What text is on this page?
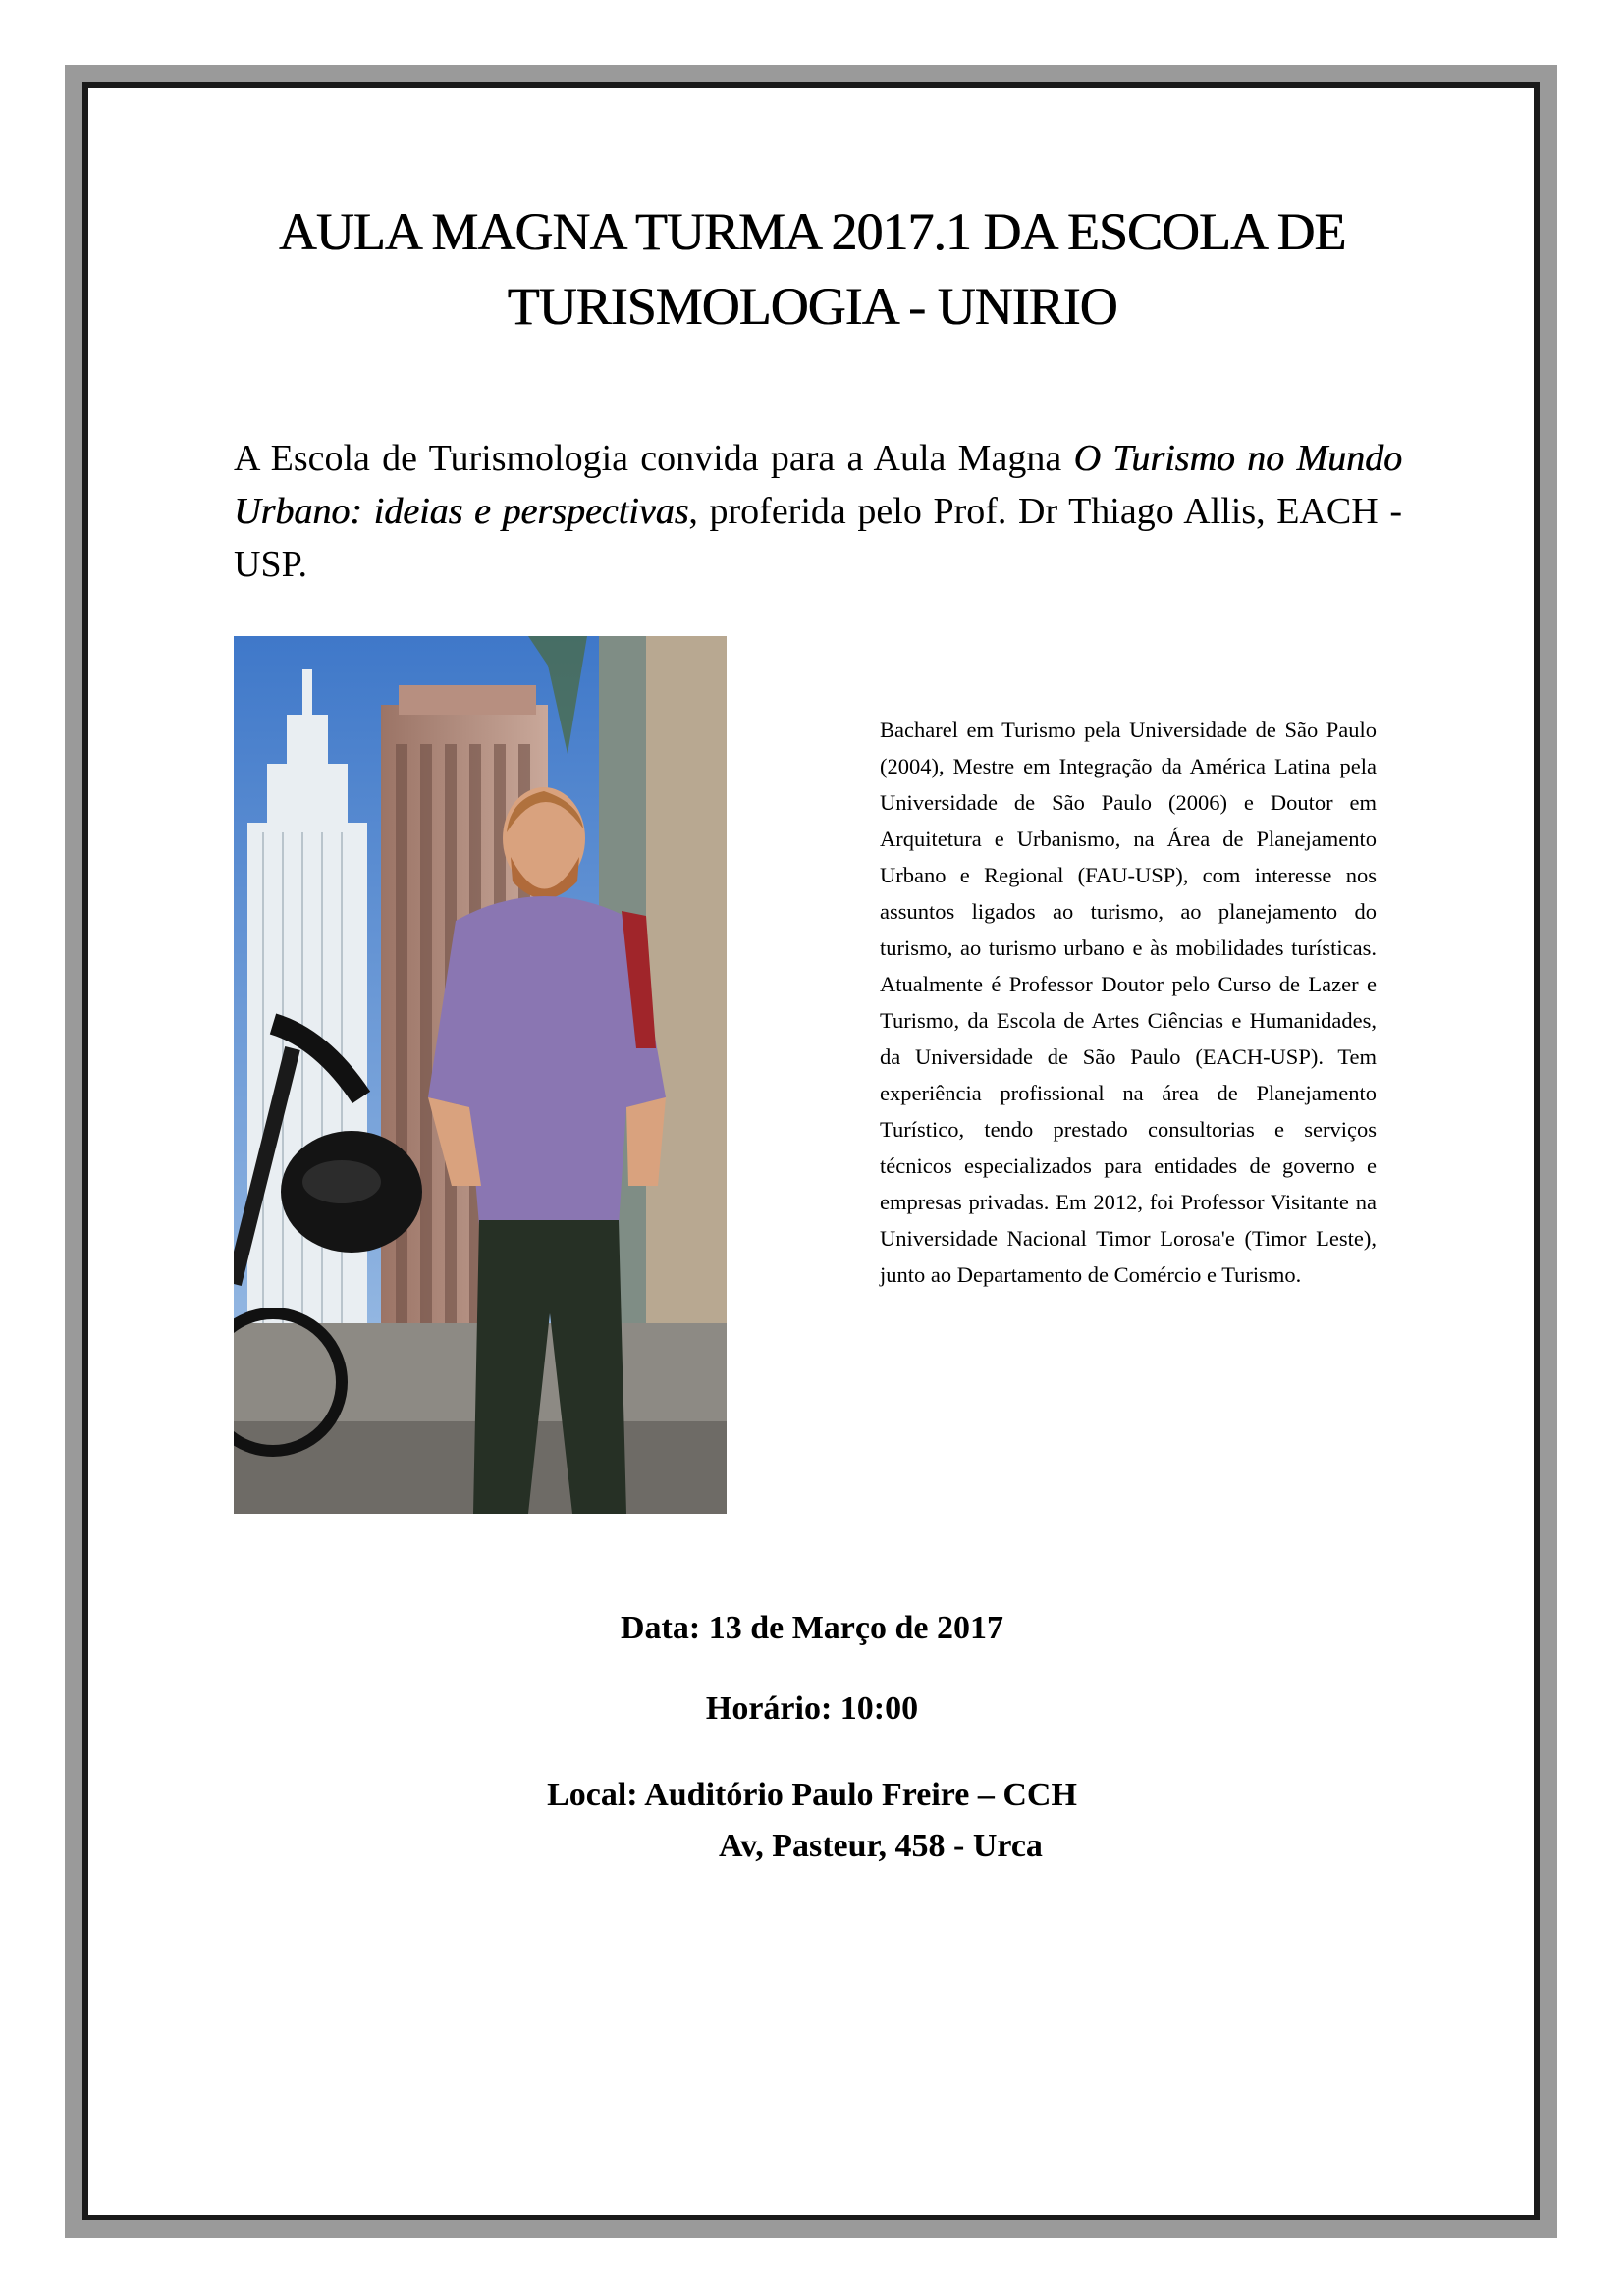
AULA MAGNA TURMA 2017.1 DA ESCOLA DE
TURISMOLOGIA - UNIRIO
A Escola de Turismologia convida para a Aula Magna O Turismo no Mundo Urbano: ideias e perspectivas, proferida pelo Prof. Dr Thiago Allis, EACH - USP.
Bacharel em Turismo pela Universidade de São Paulo (2004), Mestre em Integração da América Latina pela Universidade de São Paulo (2006) e Doutor em Arquitetura e Urbanismo, na Área de Planejamento Urbano e Regional (FAU-USP), com interesse nos assuntos ligados ao turismo, ao planejamento do turismo, ao turismo urbano e às mobilidades turísticas. Atualmente é Professor Doutor pelo Curso de Lazer e Turismo, da Escola de Artes Ciências e Humanidades, da Universidade de São Paulo (EACH-USP). Tem experiência profissional na área de Planejamento Turístico, tendo prestado consultorias e serviços técnicos especializados para entidades de governo e empresas privadas. Em 2012, foi Professor Visitante na Universidade Nacional Timor Lorosa'e (Timor Leste), junto ao Departamento de Comércio e Turismo.
Data: 13 de Março de 2017
Horário: 10:00
Local: Auditório Paulo Freire – CCH
Av, Pasteur, 458 - Urca
